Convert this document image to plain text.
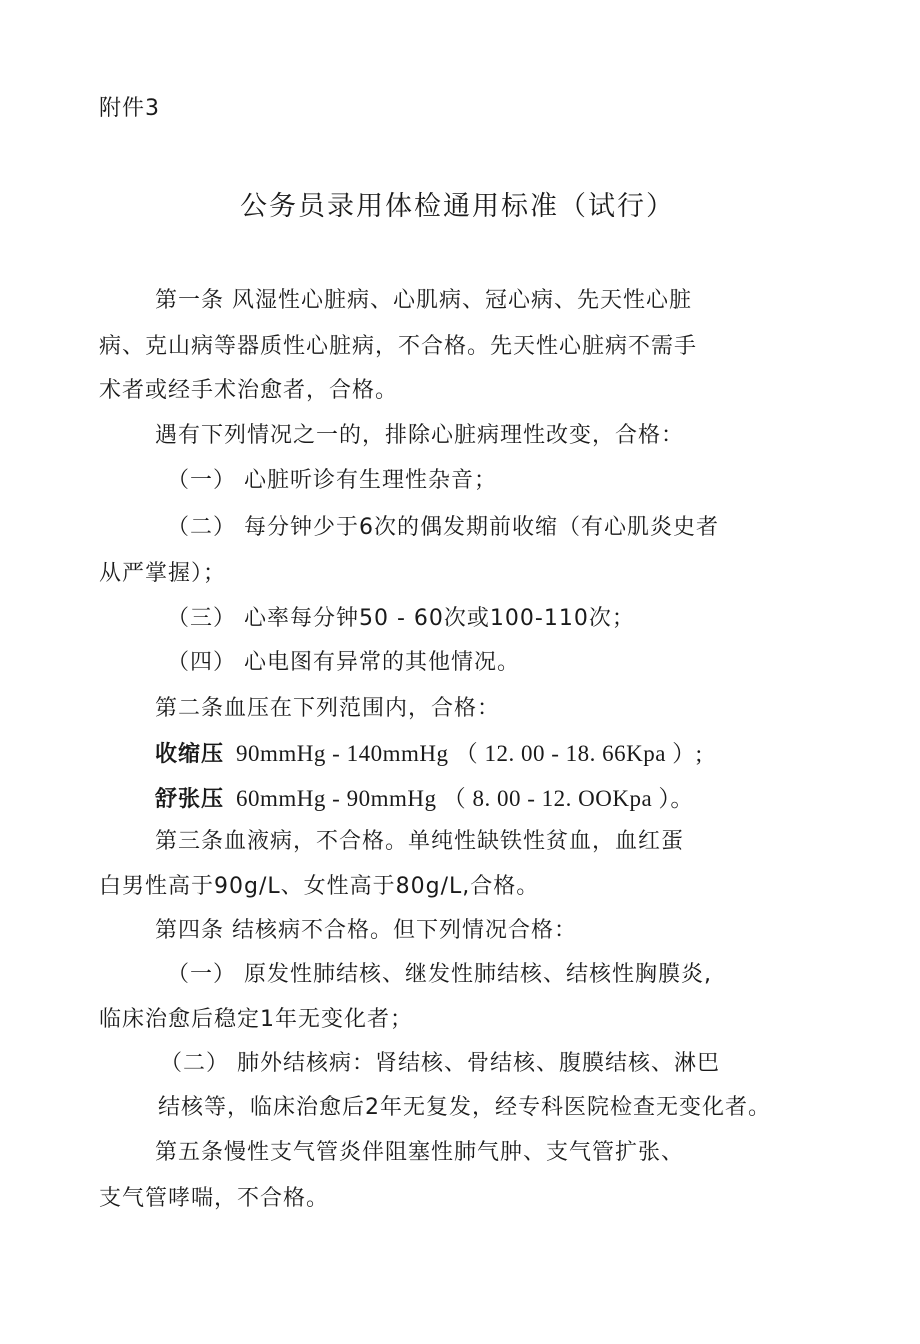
附件3
公务员录用体检通用标准（试行）
第一条 风湿性心脏病、心肌病、冠心病、先天性心脏
病、克山病等器质性心脏病，不合格。先天性心脏病不需手
术者或经手术治愈者，合格。
遇有下列情况之一的，排除心脏病理性改变，合格：
（一） 心脏听诊有生理性杂音；
（二） 每分钟少于6次的偶发期前收缩（有心肌炎史者
从严掌握）；
（三） 心率每分钟50 - 60次或100-110次；
（四） 心电图有异常的其他情况。
第二条血压在下列范围内，合格：
收缩压 90mmHg - 140mmHg （ 12. 00 - 18. 66Kpa ）;
舒张压 60mmHg - 90mmHg （ 8. 00 - 12. OOKpa ）。
第三条血液病，不合格。单纯性缺铁性贫血，血红蛋
白男性高于90g/L、女性高于80g/L,合格。
第四条 结核病不合格。但下列情况合格：
（一） 原发性肺结核、继发性肺结核、结核性胸膜炎,
临床治愈后稳定1年无变化者；
（二） 肺外结核病：肾结核、骨结核、腹膜结核、淋巴
结核等，临床治愈后2年无复发，经专科医院检查无变化者。
第五条慢性支气管炎伴阻塞性肺气肿、支气管扩张、
支气管哮喘，不合格。
